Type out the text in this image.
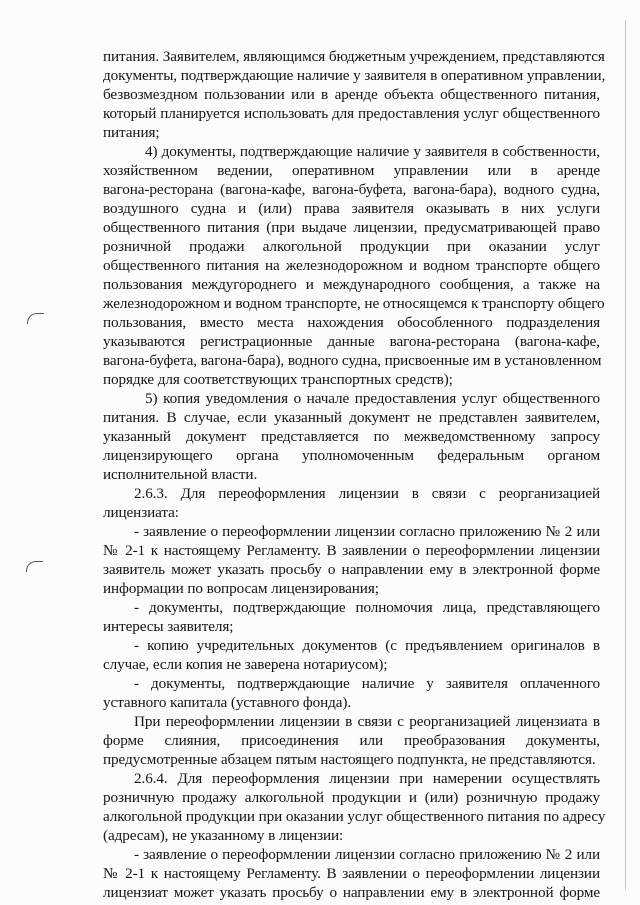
питания. Заявителем, являющимся бюджетным учреждением, представляются
документы, подтверждающие наличие у заявителя в оперативном управлении,
безвозмездном пользовании или в аренде объекта общественного питания,
который планируется использовать для предоставления услуг общественного
питания;
4) документы, подтверждающие наличие у заявителя в собственности,
хозяйственном ведении, оперативном управлении или в аренде
вагона-ресторана (вагона-кафе, вагона-буфета, вагона-бара), водного судна,
воздушного судна и (или) права заявителя оказывать в них услуги
общественного питания (при выдаче лицензии, предусматривающей право
розничной продажи алкогольной продукции при оказании услуг
общественного питания на железнодорожном и водном транспорте общего
пользования междугороднего и международного сообщения, а также на
железнодорожном и водном транспорте, не относящемся к транспорту общего
пользования, вместо места нахождения обособленного подразделения
указываются регистрационные данные вагона-ресторана (вагона-кафе,
вагона-буфета, вагона-бара), водного судна, присвоенные им в установленном
порядке для соответствующих транспортных средств);
5) копия уведомления о начале предоставления услуг общественного
питания. В случае, если указанный документ не представлен заявителем,
указанный документ представляется по межведомственному запросу
лицензирующего органа уполномоченным федеральным органом
исполнительной власти.
2.6.3. Для переоформления лицензии в связи с реорганизацией
лицензиата:
- заявление о переоформлении лицензии согласно приложению № 2 или
№ 2-1 к настоящему Регламенту. В заявлении о переоформлении лицензии
заявитель может указать просьбу о направлении ему в электронной форме
информации по вопросам лицензирования;
- документы, подтверждающие полномочия лица, представляющего
интересы заявителя;
- копию учредительных документов (с предъявлением оригиналов в
случае, если копия не заверена нотариусом);
- документы, подтверждающие наличие у заявителя оплаченного
уставного капитала (уставного фонда).
При переоформлении лицензии в связи с реорганизацией лицензиата в
форме слияния, присоединения или преобразования документы,
предусмотренные абзацем пятым настоящего подпункта, не представляются.
2.6.4. Для переоформления лицензии при намерении осуществлять
розничную продажу алкогольной продукции и (или) розничную продажу
алкогольной продукции при оказании услуг общественного питания по адресу
(адресам), не указанному в лицензии:
- заявление о переоформлении лицензии согласно приложению № 2 или
№ 2-1 к настоящему Регламенту. В заявлении о переоформлении лицензии
лицензиат может указать просьбу о направлении ему в электронной форме
